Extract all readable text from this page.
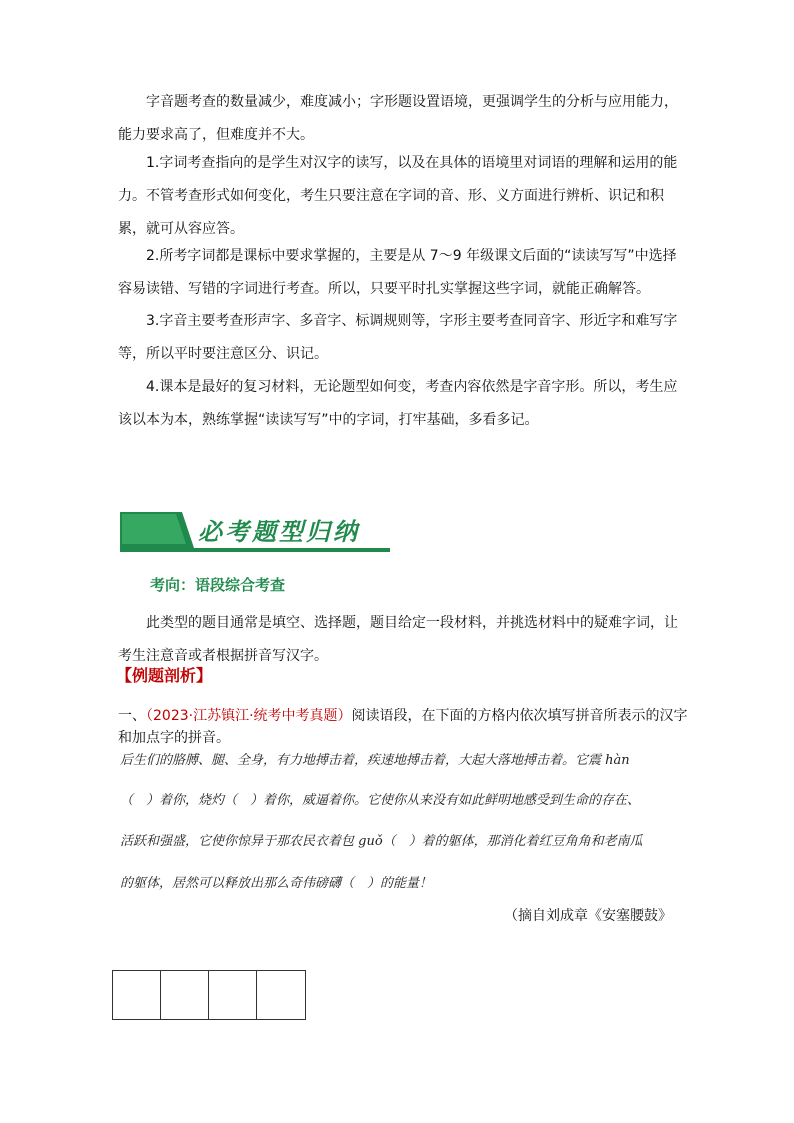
字音题考查的数量减少，难度减小；字形题设置语境，更强调学生的分析与应用能力，能力要求高了，但难度并不大。

1.字词考查指向的是学生对汉字的读写，以及在具体的语境里对词语的理解和运用的能力。不管考查形式如何变化，考生只要注意在字词的音、形、义方面进行辨析、识记和积累，就可从容应答。

2.所考字词都是课标中要求掌握的，主要是从 7～9 年级课文后面的“读读写写”中选择容易读错、写错的字词进行考查。所以，只要平时扎实掌握这些字词，就能正确解答。

3.字音主要考查形声字、多音字、标调规则等，字形主要考查同音字、形近字和难写字等，所以平时要注意区分、识记。

4.课本是最好的复习材料，无论题型如何变，考查内容依然是字音字形。所以，考生应该以本为本，熟练掌握“读读写写”中的字词，打牢基础，多看多记。

必考题型归纳
考向：语段综合考查

此类型的题目通常是填空、选择题，题目给定一段材料，并挑选材料中的疑难字词，让考生注意音或者根据拼音写汉字。

【例题剖析】
一、（2023·江苏镇江·统考中考真题）阅读语段，在下面的方格内依次填写拼音所表示的汉字和加点字的拼音。
后生们的胳膊、腿、全身，有力地搏击着，疾速地搏击着，大起大落地搏击着。它震 hàn
（　）着你，烧灼（　）着你，威逼着你。它使你从来没有如此鲜明地感受到生命的存在、
活跃和强盛，它使你惊异于那农民衣着包 guǒ（　）着的躯体，那消化着红豆角角和老南瓜
的躯体，居然可以释放出那么奇伟磅礴（　）的能量！
（摘自刘成章《安塞腰鼓》
